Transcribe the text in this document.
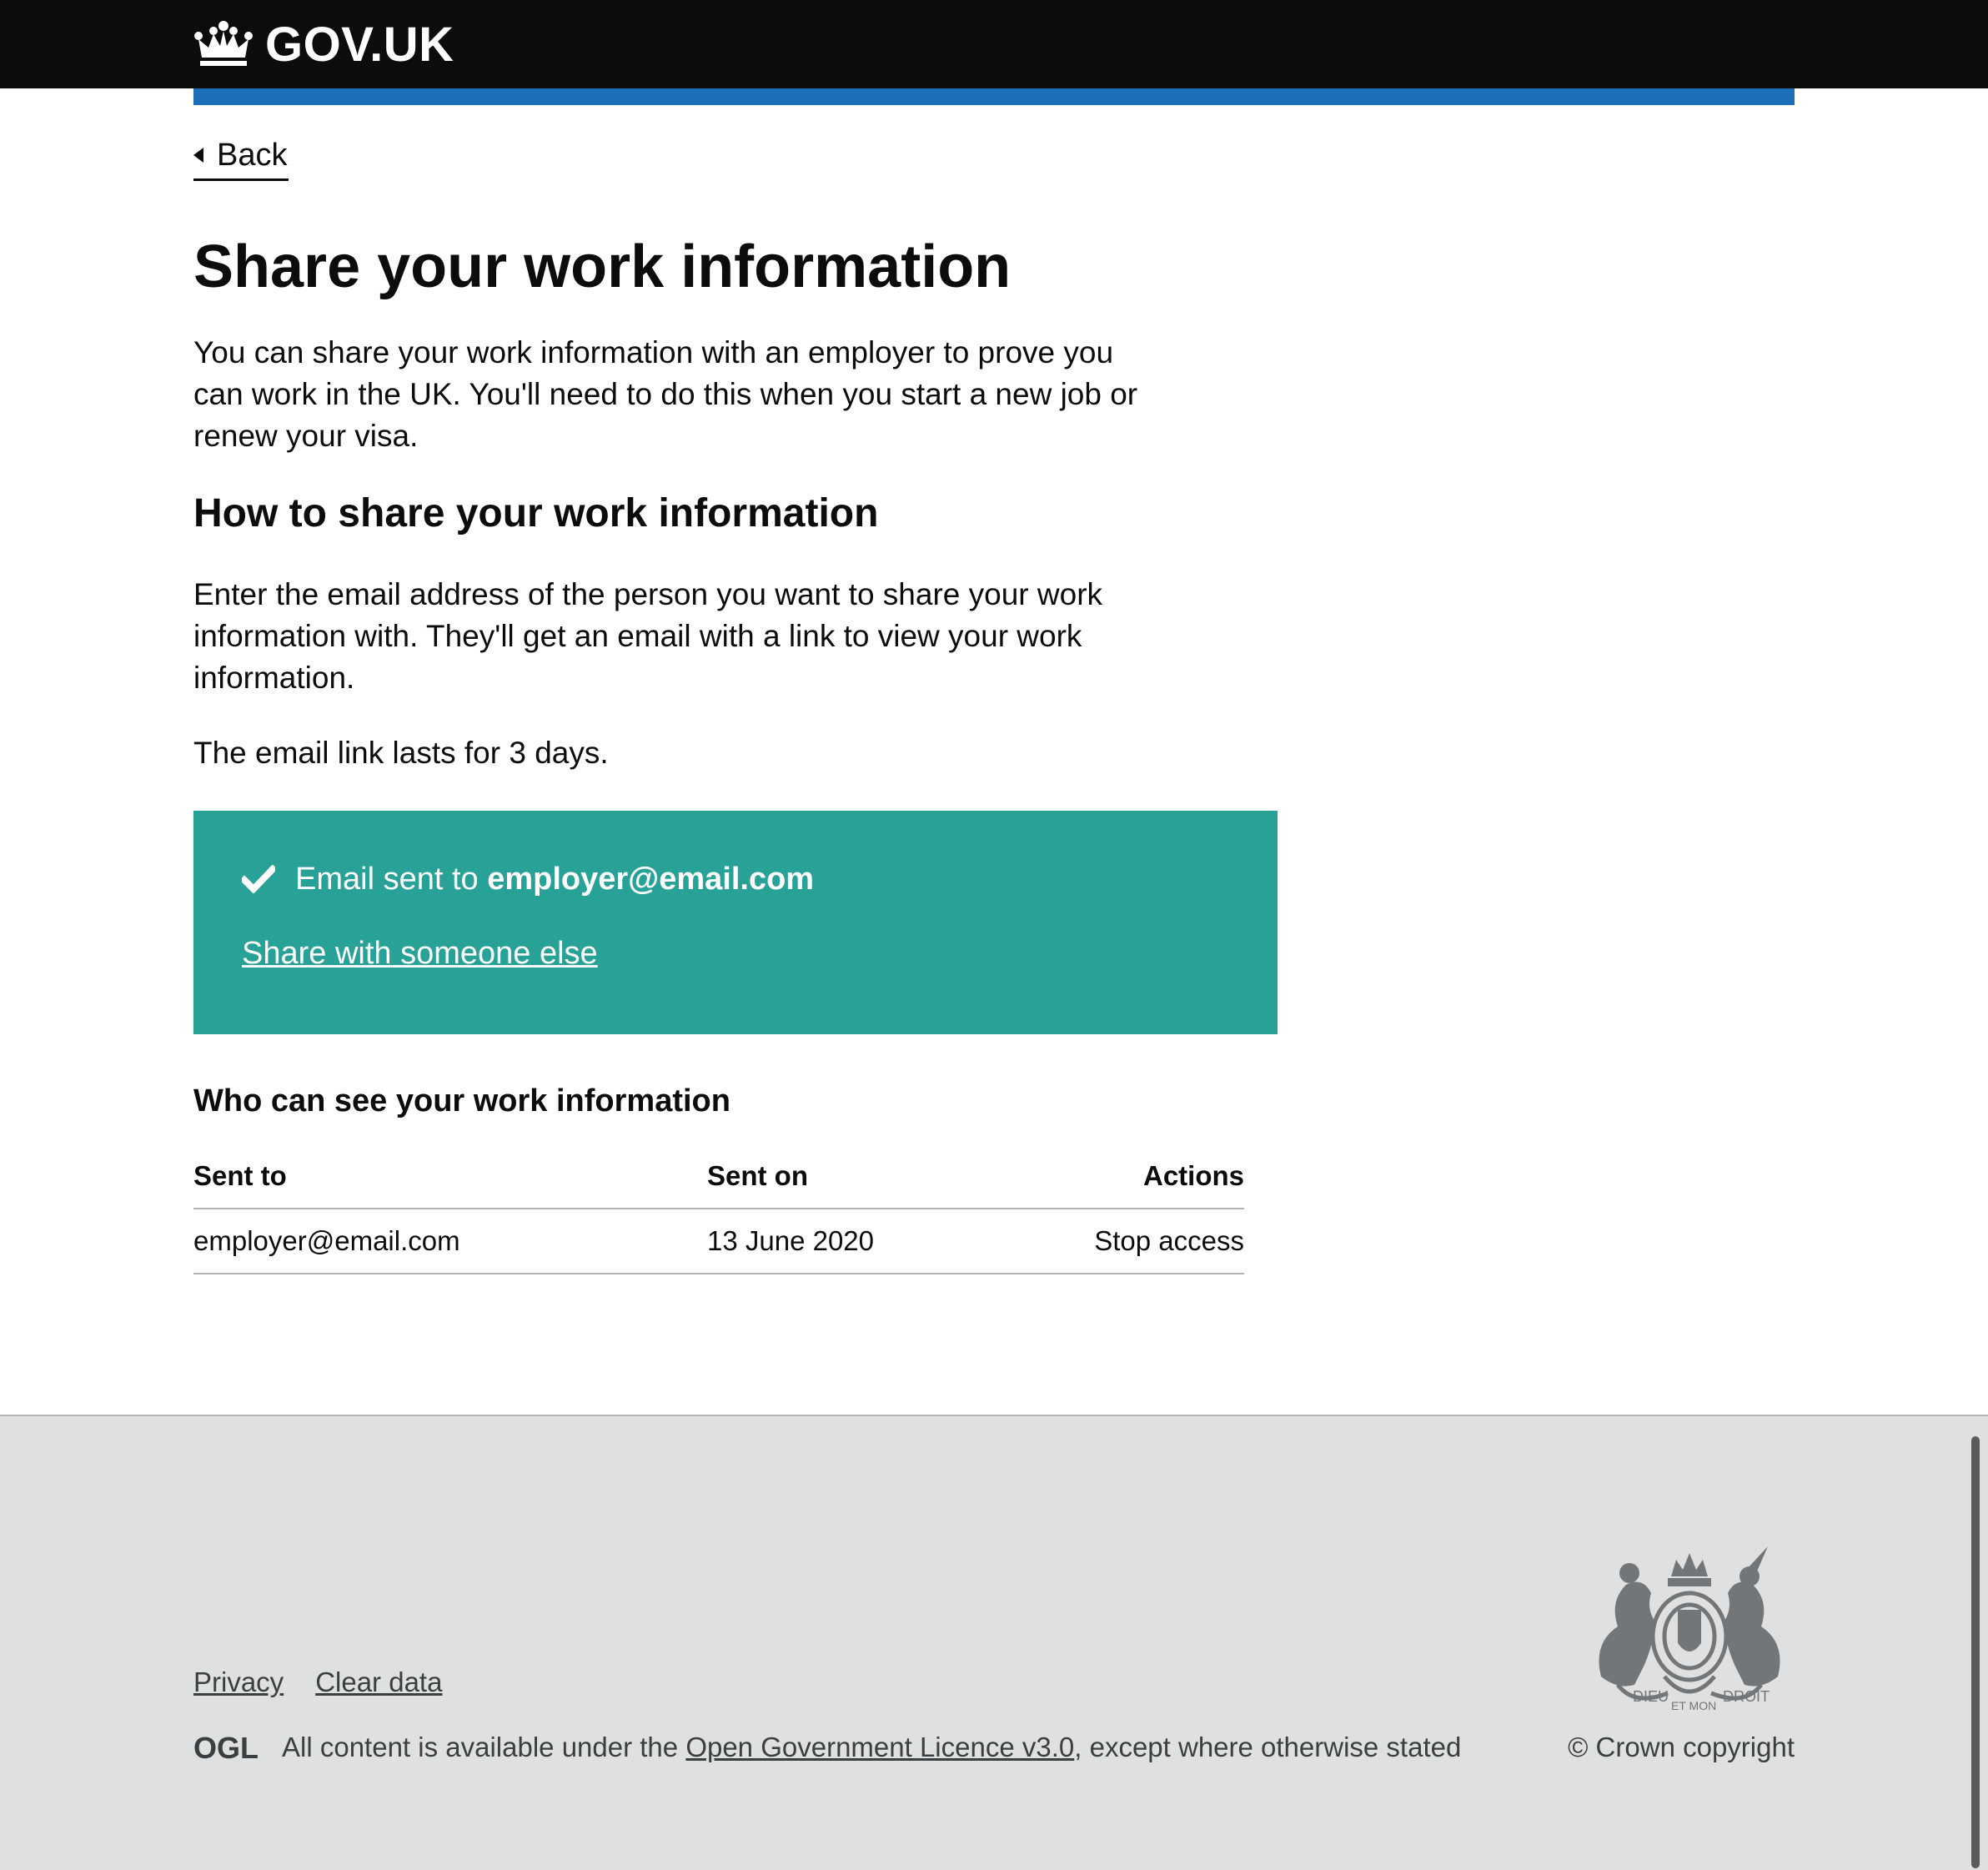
GOV.UK
Back
Share your work information

You can share your work information with an employer to prove you can work in the UK. You'll need to do this when you start a new job or renew your visa.

How to share your work information

Enter the email address of the person you want to share your work information with. They'll get an email with a link to view your work information.

The email link lasts for 3 days.

Email sent to employer@email.com
Share with someone else
Who can see your work information
Sent to	Sent on	Actions
employer@email.com	13 June 2020	Stop access
DIEU
ET MON
DROIT
Privacy Clear data
OGL All content is available under the Open Government Licence v3.0, except where otherwise stated	© Crown copyright
